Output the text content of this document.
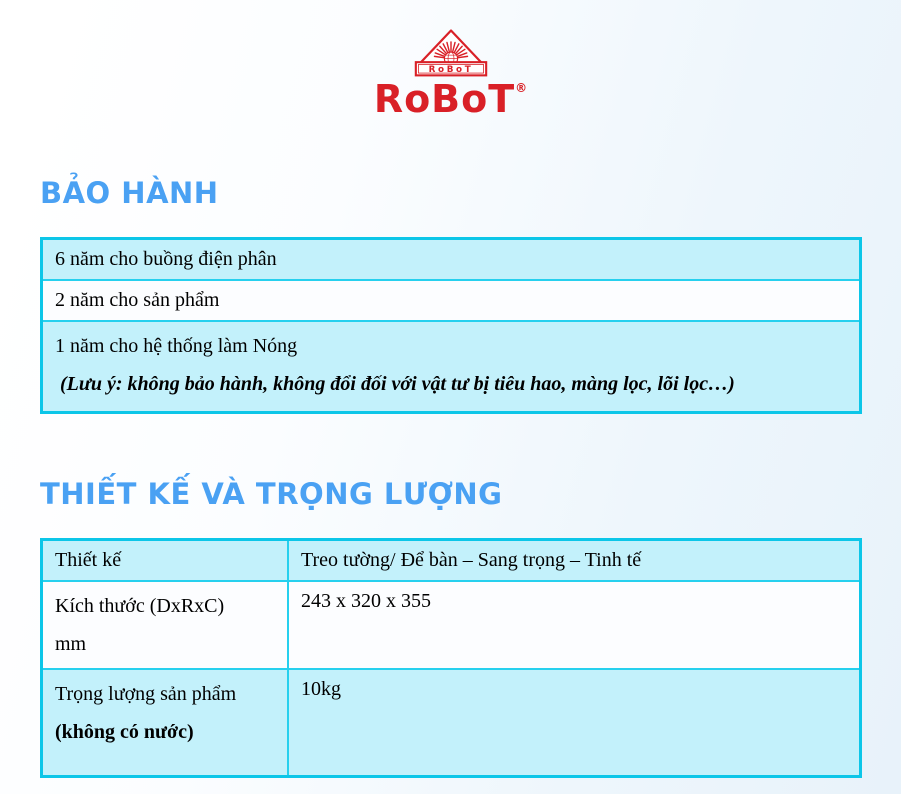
RoBoT
RoBoT®
BẢO HÀNH
6 năm cho buồng điện phân
2 năm cho sản phẩm

1 năm cho hệ thống làm Nóng
(Lưu ý: không bảo hành, không đổi đối với vật tư bị tiêu hao, màng lọc, lõi lọc…)
THIẾT KẾ VÀ TRỌNG LƯỢNG
Thiết kế	Treo tường/ Để bàn – Sang trọng – Tinh tế

Kích thước (DxRxC)
mm	243 x 320 x 355

Trọng lượng sản phẩm
(không có nước)	10kg
